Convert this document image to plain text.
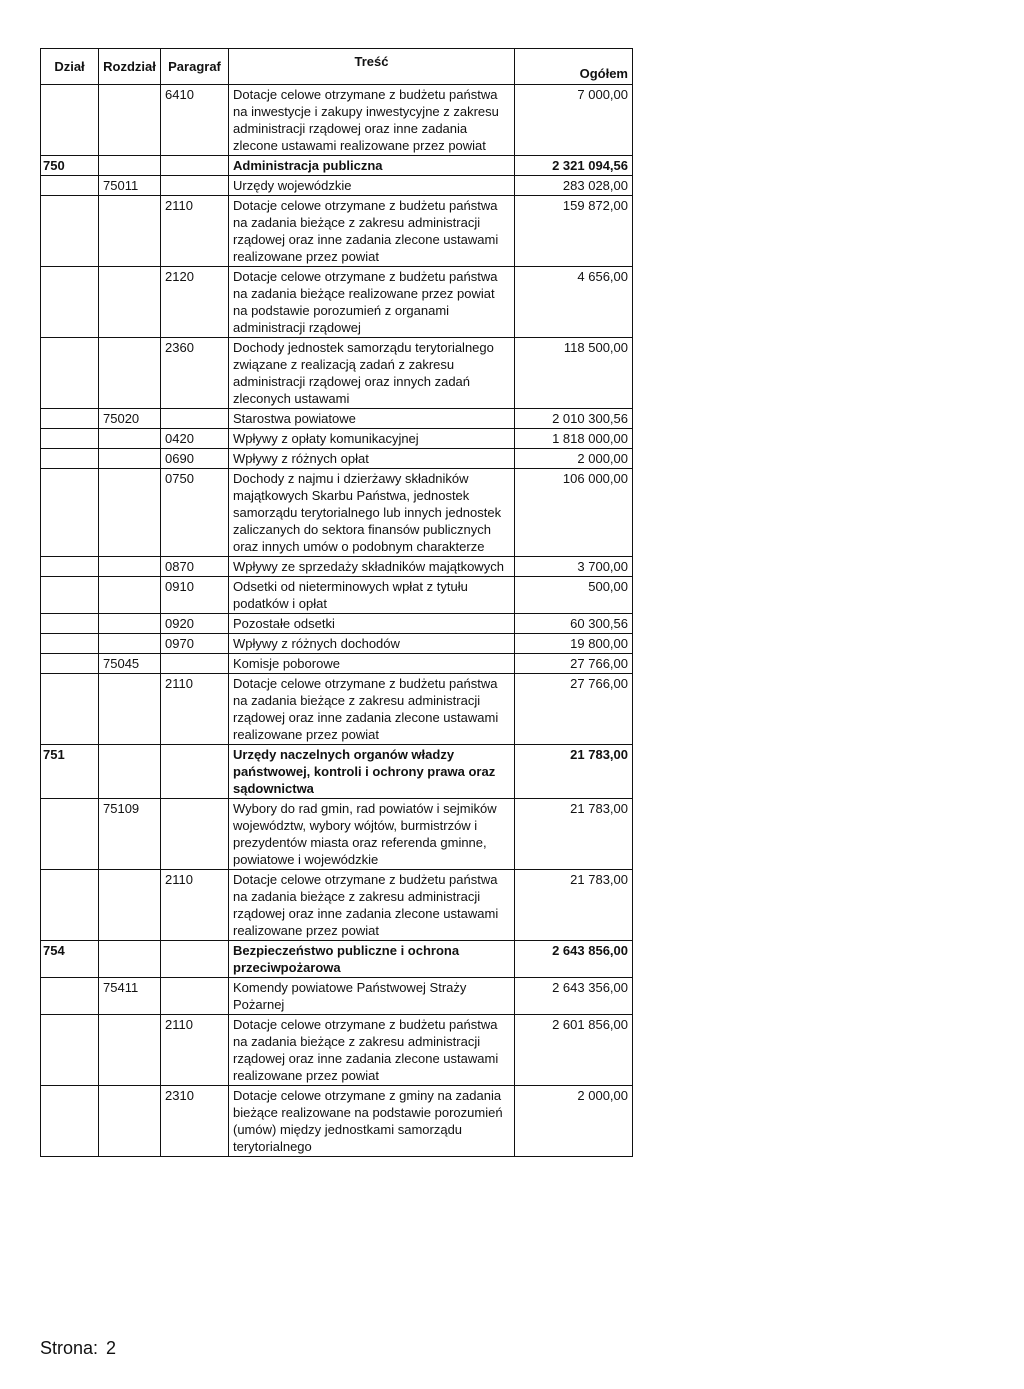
Dział	Rozdział	Paragraf	Treść	Ogółem
		6410	Dotacje celowe otrzymane z budżetu państwa na inwestycje i zakupy inwestycyjne z zakresu administracji rządowej oraz inne zadania zlecone ustawami realizowane przez powiat	7 000,00
750			Administracja publiczna	2 321 094,56
	75011		Urzędy wojewódzkie	283 028,00
		2110	Dotacje celowe otrzymane z budżetu państwa na zadania bieżące z zakresu administracji rządowej oraz inne zadania zlecone ustawami realizowane przez powiat	159 872,00
		2120	Dotacje celowe otrzymane z budżetu państwa na zadania bieżące realizowane przez powiat na podstawie porozumień z organami administracji rządowej	4 656,00
		2360	Dochody jednostek samorządu terytorialnego związane z realizacją zadań z zakresu administracji rządowej oraz innych zadań zleconych ustawami	118 500,00
	75020		Starostwa powiatowe	2 010 300,56
		0420	Wpływy z opłaty komunikacyjnej	1 818 000,00
		0690	Wpływy z różnych opłat	2 000,00
		0750	Dochody z najmu i dzierżawy składników majątkowych Skarbu Państwa, jednostek samorządu terytorialnego lub innych jednostek zaliczanych do sektora finansów publicznych oraz innych umów o podobnym charakterze	106 000,00
		0870	Wpływy ze sprzedaży składników majątkowych	3 700,00
		0910	Odsetki od nieterminowych wpłat z tytułu podatków i opłat	500,00
		0920	Pozostałe odsetki	60 300,56
		0970	Wpływy z różnych dochodów	19 800,00
	75045		Komisje poborowe	27 766,00
		2110	Dotacje celowe otrzymane z budżetu państwa na zadania bieżące z zakresu administracji rządowej oraz inne zadania zlecone ustawami realizowane przez powiat	27 766,00
751			Urzędy naczelnych organów władzy państwowej, kontroli i ochrony prawa oraz sądownictwa	21 783,00
	75109		Wybory do rad gmin, rad powiatów i sejmików województw, wybory wójtów, burmistrzów i prezydentów miasta oraz referenda gminne, powiatowe i wojewódzkie	21 783,00
		2110	Dotacje celowe otrzymane z budżetu państwa na zadania bieżące z zakresu administracji rządowej oraz inne zadania zlecone ustawami realizowane przez powiat	21 783,00
754			Bezpieczeństwo publiczne i ochrona przeciwpożarowa	2 643 856,00
	75411		Komendy powiatowe Państwowej Straży Pożarnej	2 643 356,00
		2110	Dotacje celowe otrzymane z budżetu państwa na zadania bieżące z zakresu administracji rządowej oraz inne zadania zlecone ustawami realizowane przez powiat	2 601 856,00
		2310	Dotacje celowe otrzymane z gminy na zadania bieżące realizowane na podstawie porozumień (umów) między jednostkami samorządu terytorialnego	2 000,00
Strona: 2
